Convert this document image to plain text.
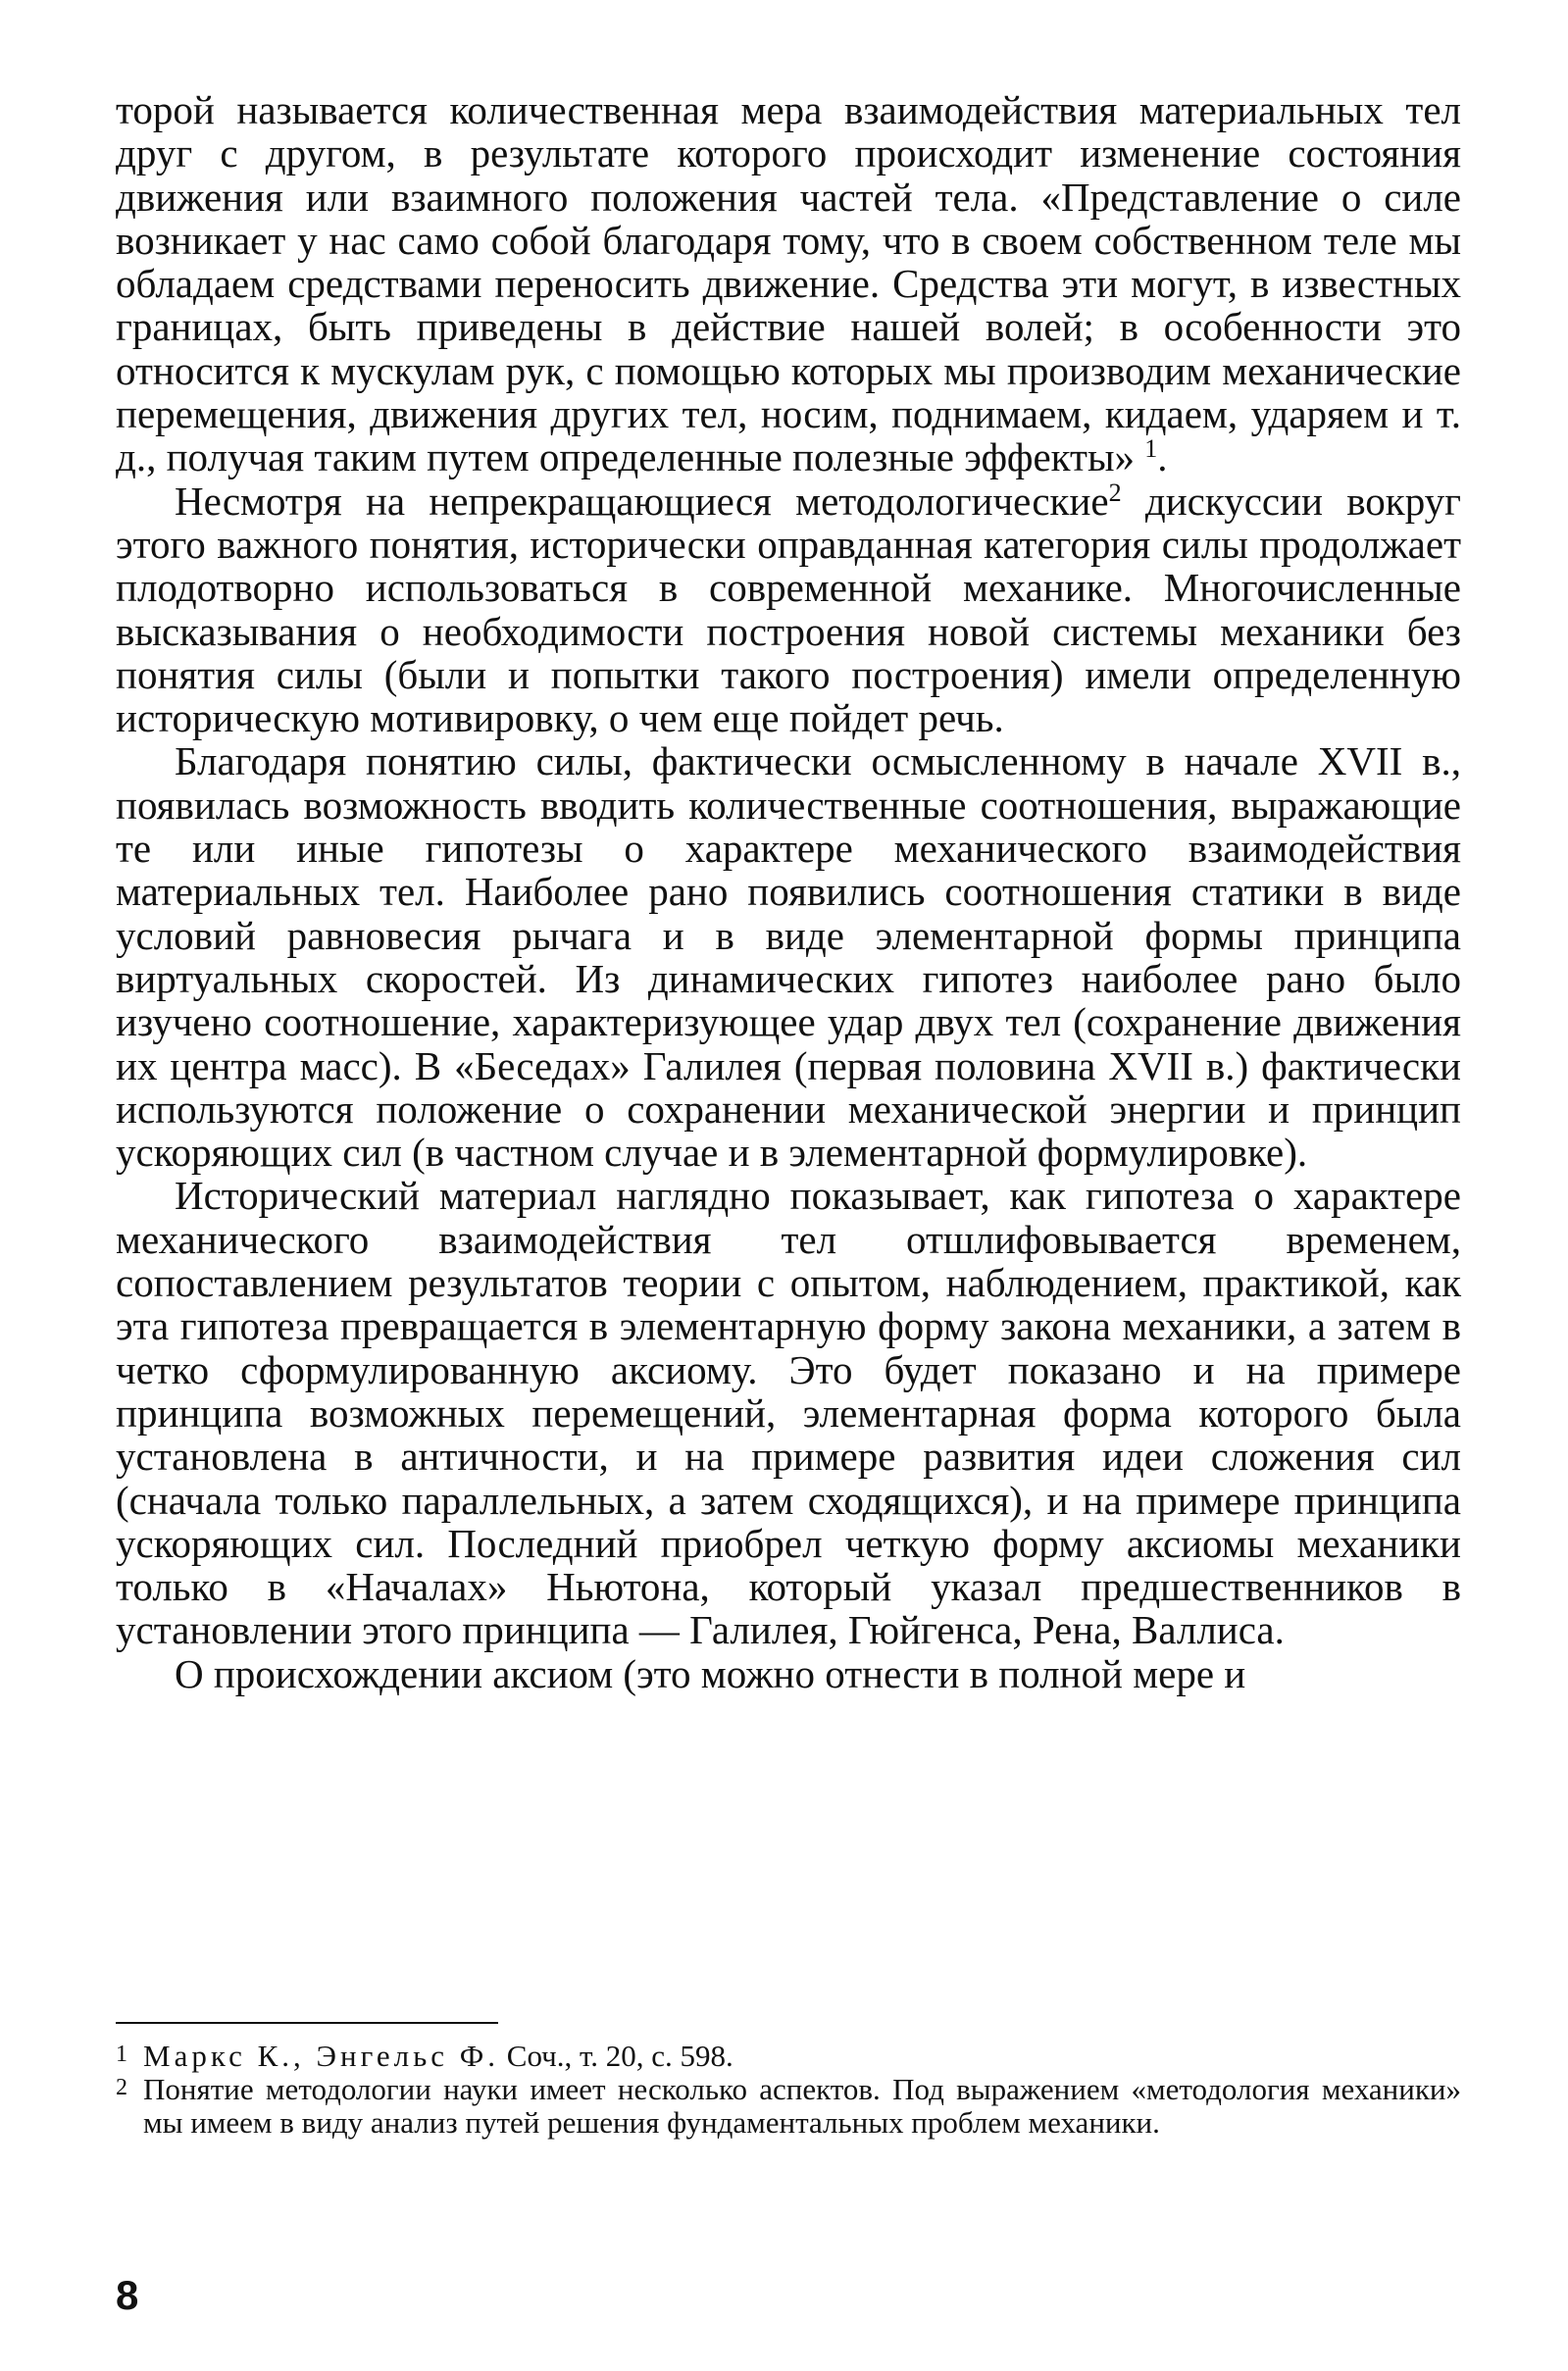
торой называется количественная мера взаимодействия материальных тел друг с другом, в результате которого происходит изменение состояния движения или взаимного положения частей тела. «Представление о силе возникает у нас само собой благодаря тому, что в своем собственном теле мы обладаем средствами переносить движение. Средства эти могут, в известных границах, быть приведены в действие нашей волей; в особенности это относится к мускулам рук, с помощью которых мы производим механические перемещения, движения других тел, носим, поднимаем, кидаем, ударяем и т. д., получая таким путем определенные полезные эффекты» $^1$.

Несмотря на непрекращающиеся методологические$^2$ дискуссии вокруг этого важного понятия, исторически оправданная категория силы продолжает плодотворно использоваться в современной механике. Многочисленные высказывания о необходимости построения новой системы механики без понятия силы (были и попытки такого построения) имели определенную историческую мотивировку, о чем еще пойдет речь.

Благодаря понятию силы, фактически осмысленному в начале XVII в., появилась возможность вводить количественные соотношения, выражающие те или иные гипотезы о характере механического взаимодействия материальных тел. Наиболее рано появились соотношения статики в виде условий равновесия рычага и в виде элементарной формы принципа виртуальных скоростей. Из динамических гипотез наиболее рано было изучено соотношение, характеризующее удар двух тел (сохранение движения их центра масс). В «Беседах» Галилея (первая половина XVII в.) фактически используются положение о сохранении механической энергии и принцип ускоряющих сил (в частном случае и в элементарной формулировке).

Исторический материал наглядно показывает, как гипотеза о характере механического взаимодействия тел отшлифовывается временем, сопоставлением результатов теории с опытом, наблюдением, практикой, как эта гипотеза превращается в элементарную форму закона механики, а затем в четко сформулированную аксиому. Это будет показано и на примере принципа возможных перемещений, элементарная форма которого была установлена в античности, и на примере развития идеи сложения сил (сначала только параллельных, а затем сходящихся), и на примере принципа ускоряющих сил. Последний приобрел четкую форму аксиомы механики только в «Началах» Ньютона, который указал предшественников в установлении этого принципа — Галилея, Гюйгенса, Рена, Валлиса.

О происхождении аксиом (это можно отнести в полной мере и

1 Маркс К., Энгельс Ф. Соч., т. 20, с. 598.

2 Понятие методологии науки имеет несколько аспектов. Под выражением «методология механики» мы имеем в виду анализ путей решения фундаментальных проблем механики.

8
